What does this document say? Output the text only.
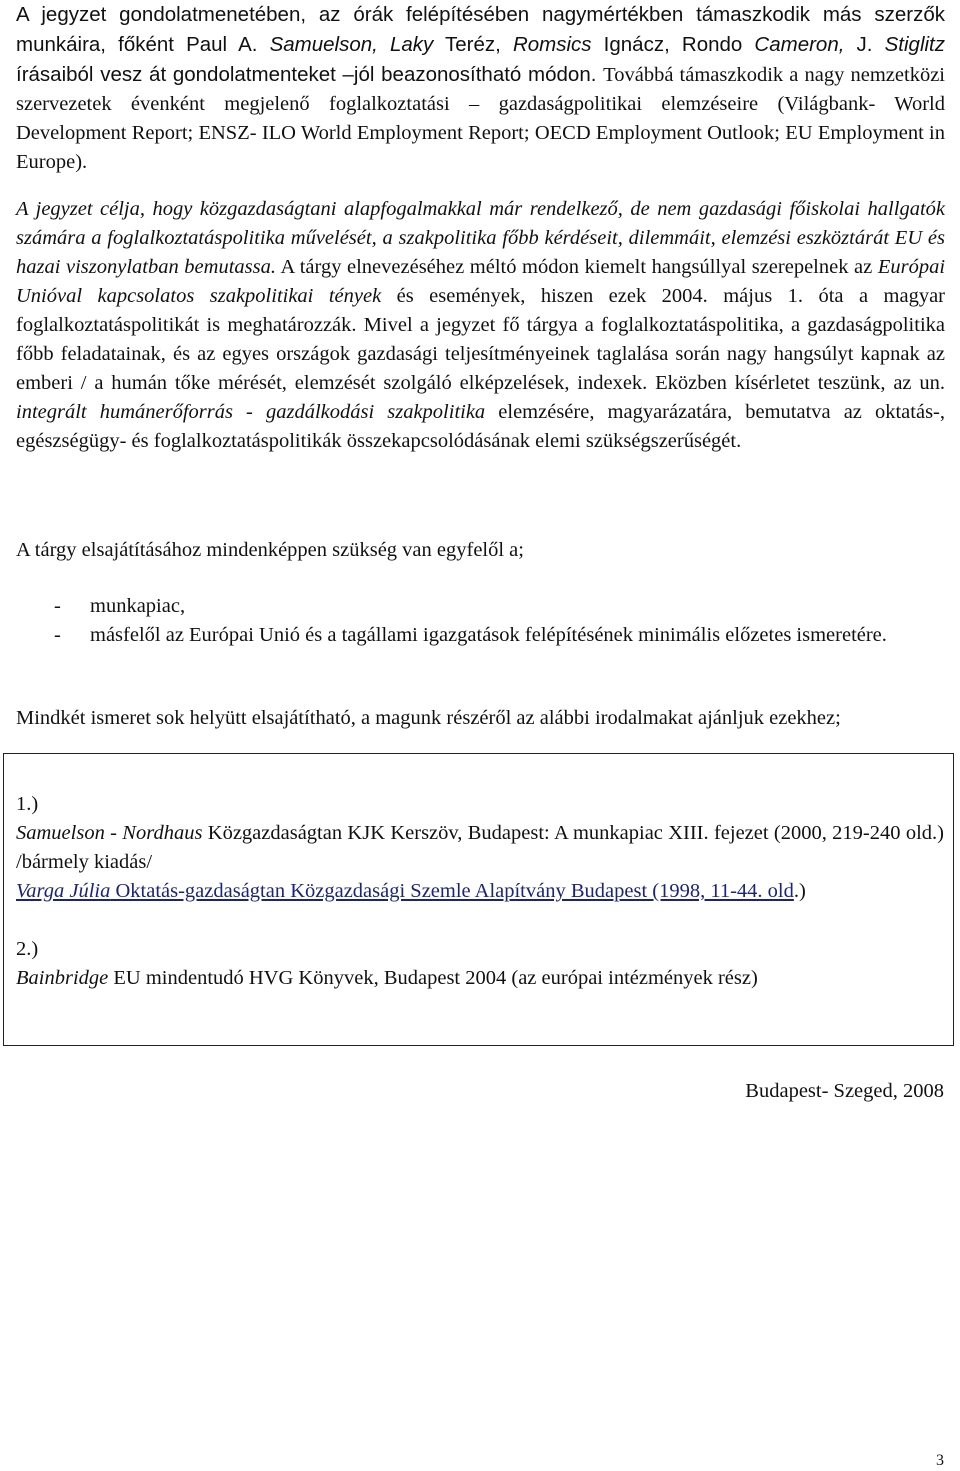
A jegyzet gondolatmenetében, az órák felépítésében nagymértékben támaszkodik más szerzők munkáira, főként Paul A. Samuelson, Laky Teréz, Romsics Ignácz, Rondo Cameron, J. Stiglitz írásaiból vesz át gondolatmenteket –jól beazonosítható módon. Továbbá támaszkodik a nagy nemzetközi szervezetek évenként megjelenő foglalkoztatási – gazdaságpolitikai elemzéseire (Világbank- World Development Report; ENSZ- ILO World Employment Report; OECD Employment Outlook; EU Employment in Europe).

A jegyzet célja, hogy közgazdaságtani alapfogalmakkal már rendelkező, de nem gazdasági főiskolai hallgatók számára a foglalkoztatáspolitika művelését, a szakpolitika főbb kérdéseit, dilemmáit, elemzési eszköztárát EU és hazai viszonylatban bemutassa. A tárgy elnevezéséhez méltó módon kiemelt hangsúllyal szerepelnek az Európai Unióval kapcsolatos szakpolitikai tények és események, hiszen ezek 2004. május 1. óta a magyar foglalkoztatáspolitikát is meghatározzák. Mivel a jegyzet fő tárgya a foglalkoztatáspolitika, a gazdaságpolitika főbb feladatainak, és az egyes országok gazdasági teljesítményeinek taglalása során nagy hangsúlyt kapnak az emberi / a humán tőke mérését, elemzését szolgáló elképzelések, indexek. Eközben kísérletet teszünk, az un. integrált humánerőforrás - gazdálkodási szakpolitika elemzésére, magyarázatára, bemutatva az oktatás-, egészségügy- és foglalkoztatáspolitikák összekapcsolódásának elemi szükségszerűségét.

A tárgy elsajátításához mindenképpen szükség van egyfelől a;

- munkapiac,
- másfelől az Európai Unió és a tagállami igazgatások felépítésének minimális előzetes ismeretére.

Mindkét ismeret sok helyütt elsajátítható, a magunk részéről az alábbi irodalmakat ajánljuk ezekhez;

1.)
Samuelson - Nordhaus Közgazdaságtan KJK Kerszöv, Budapest: A munkapiac XIII. fejezet (2000, 219-240 old.) /bármely kiadás/
Varga Júlia Oktatás-gazdaságtan Közgazdasági Szemle Alapítvány Budapest (1998, 11-44. old.)
2.)
Bainbridge EU mindentudó HVG Könyvek, Budapest 2004 (az európai intézmények rész)
Budapest- Szeged, 2008
3
